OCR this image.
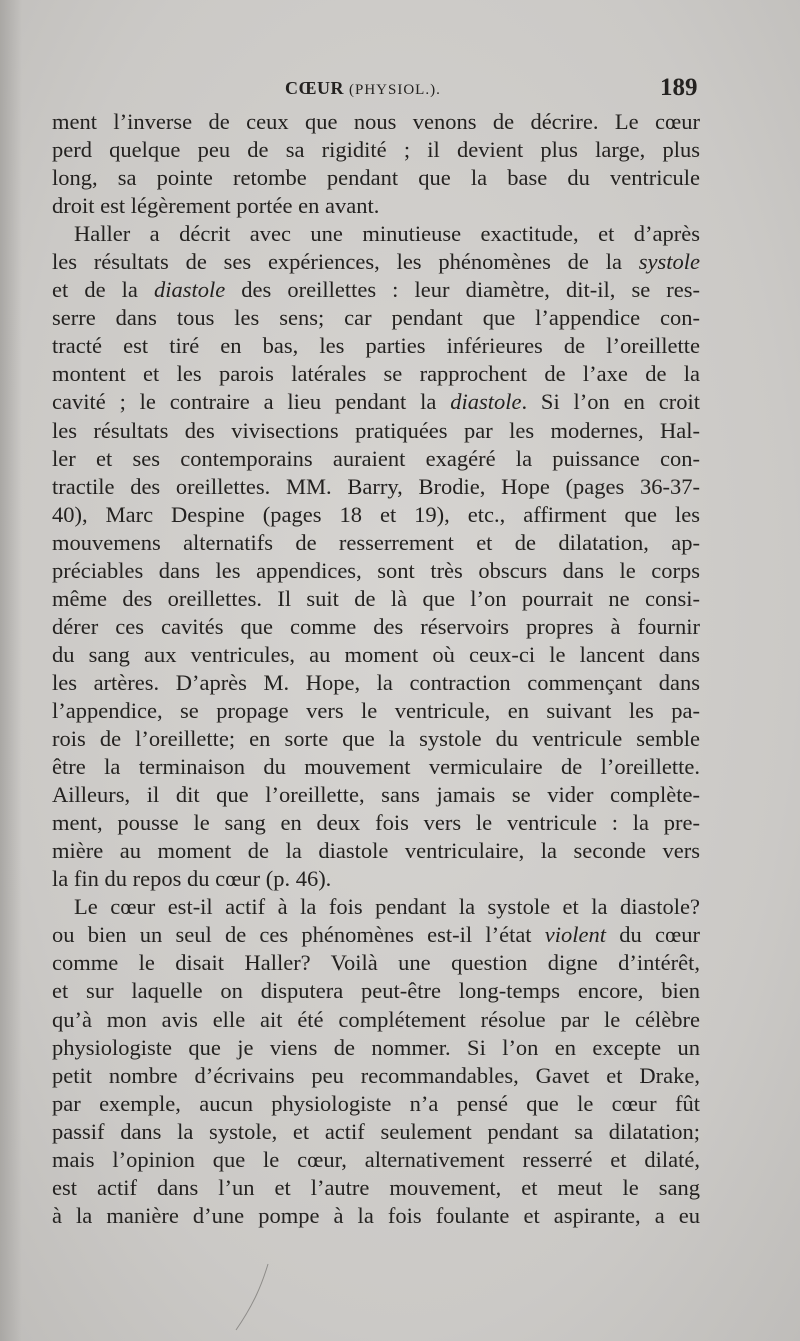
CŒUR (PHYSIOL.).	189
ment l’inverse de ceux que nous venons de décrire. Le cœur
perd quelque peu de sa rigidité ; il devient plus large, plus
long, sa pointe retombe pendant que la base du ventricule
droit est légèrement portée en avant.
Haller a décrit avec une minutieuse exactitude, et d’après
les résultats de ses expériences, les phénomènes de la systole
et de la diastole des oreillettes : leur diamètre, dit-il, se res-
serre dans tous les sens; car pendant que l’appendice con-
tracté est tiré en bas, les parties inférieures de l’oreillette
montent et les parois latérales se rapprochent de l’axe de la
cavité ; le contraire a lieu pendant la diastole. Si l’on en croit
les résultats des vivisections pratiquées par les modernes, Hal-
ler et ses contemporains auraient exagéré la puissance con-
tractile des oreillettes. MM. Barry, Brodie, Hope (pages 36-37-
40), Marc Despine (pages 18 et 19), etc., affirment que les
mouvemens alternatifs de resserrement et de dilatation, ap-
préciables dans les appendices, sont très obscurs dans le corps
même des oreillettes. Il suit de là que l’on pourrait ne consi-
dérer ces cavités que comme des réservoirs propres à fournir
du sang aux ventricules, au moment où ceux-ci le lancent dans
les artères. D’après M. Hope, la contraction commençant dans
l’appendice, se propage vers le ventricule, en suivant les pa-
rois de l’oreillette; en sorte que la systole du ventricule semble
être la terminaison du mouvement vermiculaire de l’oreillette.
Ailleurs, il dit que l’oreillette, sans jamais se vider complète-
ment, pousse le sang en deux fois vers le ventricule : la pre-
mière au moment de la diastole ventriculaire, la seconde vers
la fin du repos du cœur (p. 46).
Le cœur est-il actif à la fois pendant la systole et la diastole?
ou bien un seul de ces phénomènes est-il l’état violent du cœur
comme le disait Haller? Voilà une question digne d’intérêt,
et sur laquelle on disputera peut-être long-temps encore, bien
qu’à mon avis elle ait été complétement résolue par le célèbre
physiologiste que je viens de nommer. Si l’on en excepte un
petit nombre d’écrivains peu recommandables, Gavet et Drake,
par exemple, aucun physiologiste n’a pensé que le cœur fût
passif dans la systole, et actif seulement pendant sa dilatation;
mais l’opinion que le cœur, alternativement resserré et dilaté,
est actif dans l’un et l’autre mouvement, et meut le sang
à la manière d’une pompe à la fois foulante et aspirante, a eu
